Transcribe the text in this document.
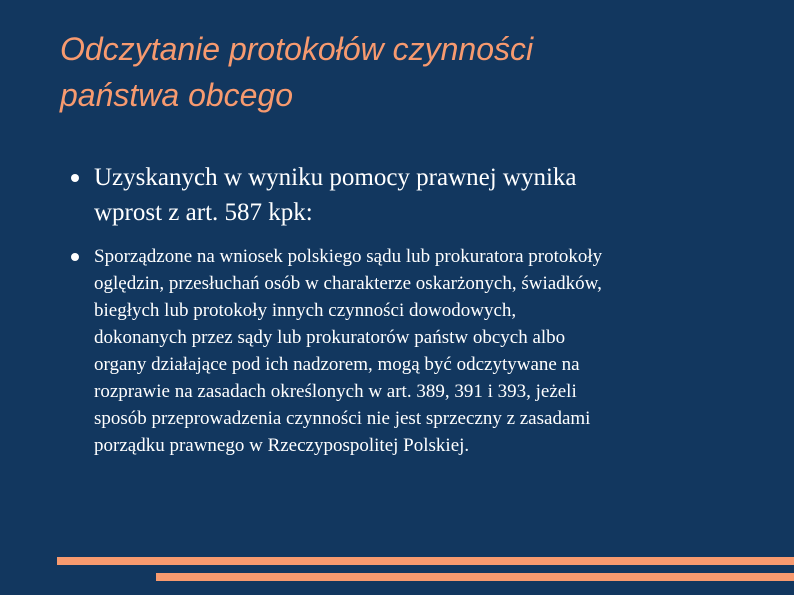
Odczytanie protokołów czynności
państwa obcego
Uzyskanych w wyniku pomocy prawnej wynika
wprost z art. 587 kpk:
Sporządzone na wniosek polskiego sądu lub prokuratora protokoły
oględzin, przesłuchań osób w charakterze oskarżonych, świadków,
biegłych lub protokoły innych czynności dowodowych,
dokonanych przez sądy lub prokuratorów państw obcych albo
organy działające pod ich nadzorem, mogą być odczytywane na
rozprawie na zasadach określonych w art. 389, 391 i 393, jeżeli
sposób przeprowadzenia czynności nie jest sprzeczny z zasadami
porządku prawnego w Rzeczypospolitej Polskiej.
